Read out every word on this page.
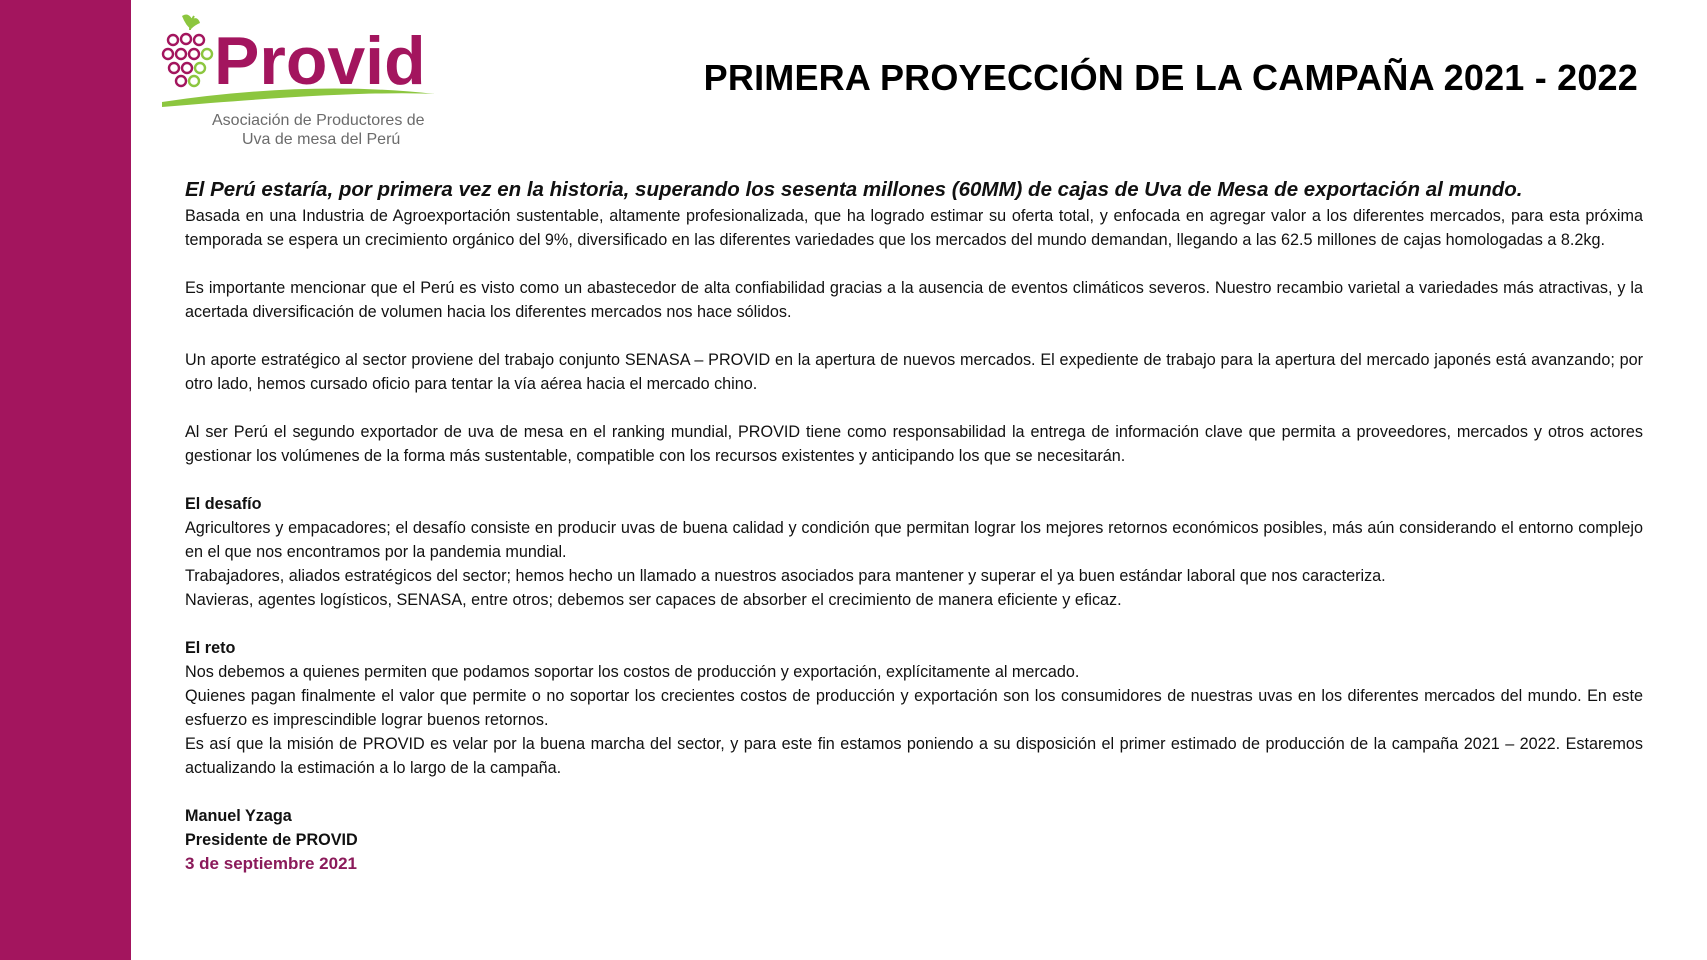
Provid
Asociación de Productores de
Uva de mesa del Perú
PRIMERA PROYECCIÓN DE LA CAMPAÑA 2021 - 2022

El Perú estaría, por primera vez en la historia, superando los sesenta millones (60MM) de cajas de Uva de Mesa de exportación al mundo.

Basada en una Industria de Agroexportación sustentable, altamente profesionalizada, que ha logrado estimar su oferta total, y enfocada en agregar valor a los diferentes mercados, para esta próxima temporada se espera un crecimiento orgánico del 9%, diversificado en las diferentes variedades que los mercados del mundo demandan, llegando a las 62.5 millones de cajas homologadas a 8.2kg.

Es importante mencionar que el Perú es visto como un abastecedor de alta confiabilidad gracias a la ausencia de eventos climáticos severos. Nuestro recambio varietal a variedades más atractivas, y la acertada diversificación de volumen hacia los diferentes mercados nos hace sólidos.

Un aporte estratégico al sector proviene del trabajo conjunto SENASA – PROVID en la apertura de nuevos mercados. El expediente de trabajo para la apertura del mercado japonés está avanzando; por otro lado, hemos cursado oficio para tentar la vía aérea hacia el mercado chino.

Al ser Perú el segundo exportador de uva de mesa en el ranking mundial, PROVID tiene como responsabilidad la entrega de información clave que permita a proveedores, mercados y otros actores gestionar los volúmenes de la forma más sustentable, compatible con los recursos existentes y anticipando los que se necesitarán.

El desafío

Agricultores y empacadores; el desafío consiste en producir uvas de buena calidad y condición que permitan lograr los mejores retornos económicos posibles, más aún considerando el entorno complejo en el que nos encontramos por la pandemia mundial.

Trabajadores, aliados estratégicos del sector; hemos hecho un llamado a nuestros asociados para mantener y superar el ya buen estándar laboral que nos caracteriza.

Navieras, agentes logísticos, SENASA, entre otros; debemos ser capaces de absorber el crecimiento de manera eficiente y eficaz.

El reto

Nos debemos a quienes permiten que podamos soportar los costos de producción y exportación, explícitamente al mercado.

Quienes pagan finalmente el valor que permite o no soportar los crecientes costos de producción y exportación son los consumidores de nuestras uvas en los diferentes mercados del mundo. En este esfuerzo es imprescindible lograr buenos retornos.

Es así que la misión de PROVID es velar por la buena marcha del sector, y para este fin estamos poniendo a su disposición el primer estimado de producción de la campaña 2021 – 2022. Estaremos actualizando la estimación a lo largo de la campaña.

Manuel Yzaga

Presidente de PROVID

3 de septiembre 2021
